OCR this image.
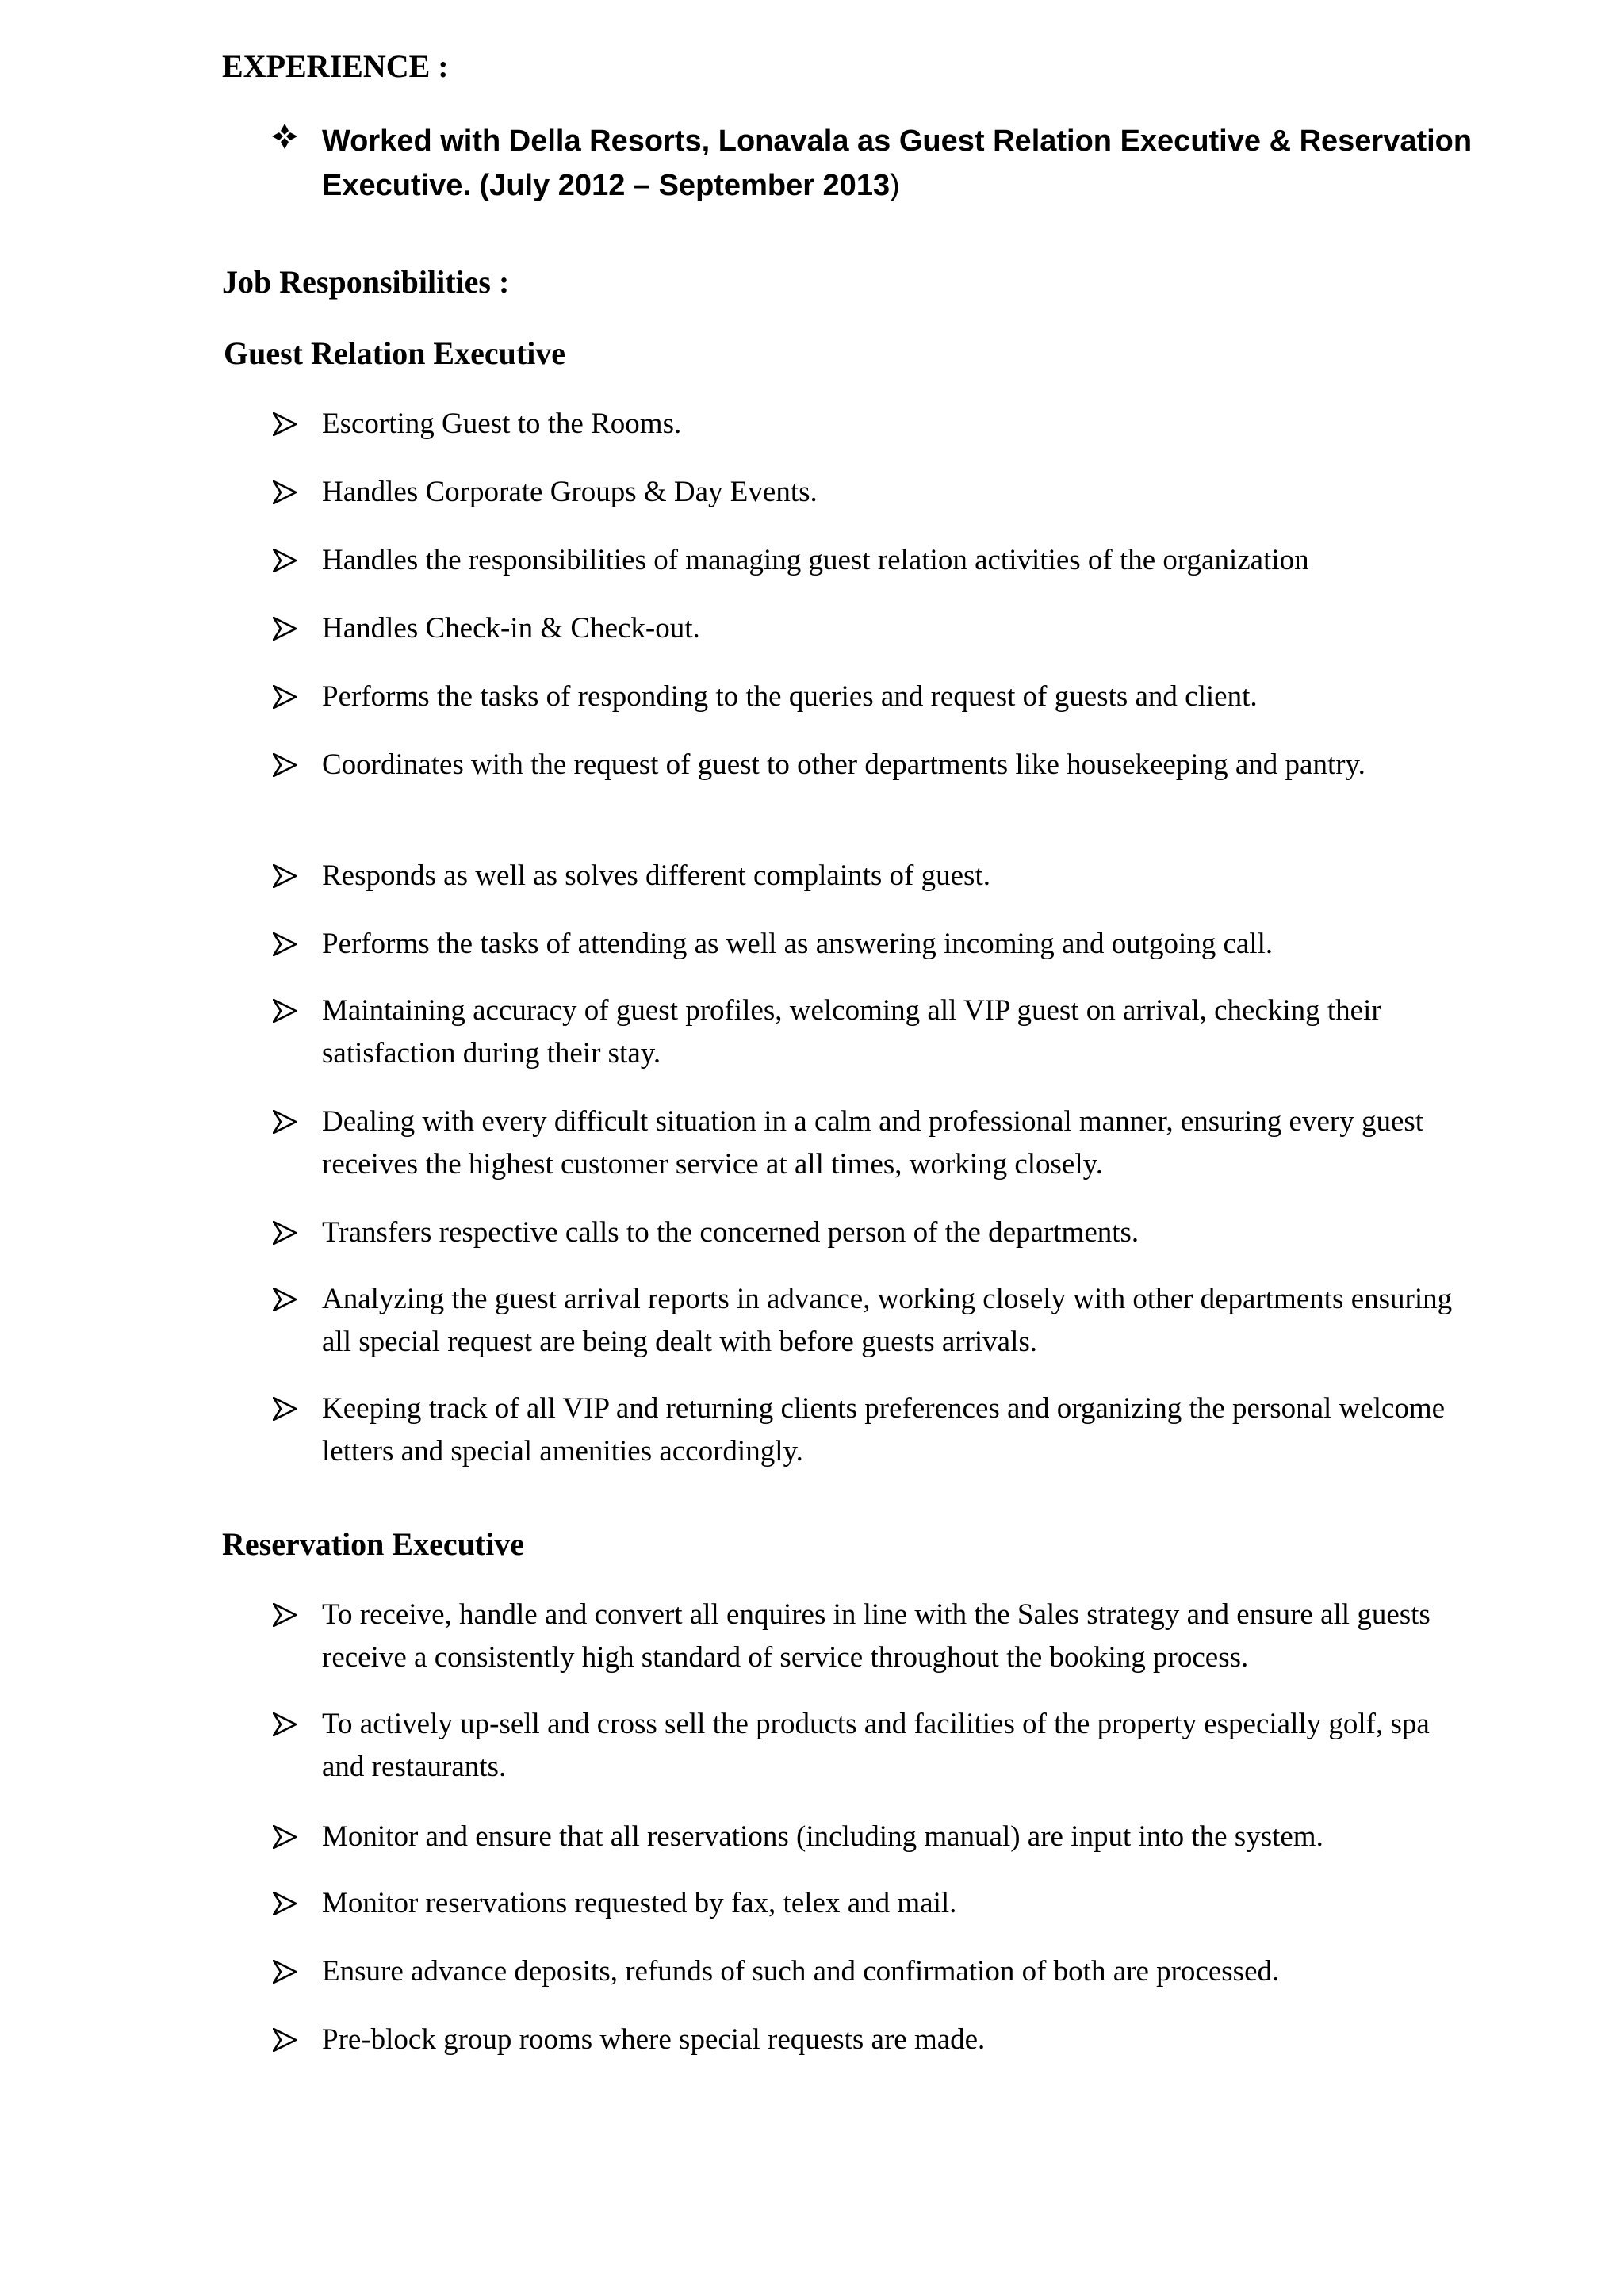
EXPERIENCE :
Worked with Della Resorts, Lonavala as Guest Relation Executive & Reservation Executive. (July 2012 – September 2013)
Job Responsibilities :
Guest Relation Executive
Escorting Guest to the Rooms.
Handles Corporate Groups & Day Events.
Handles the responsibilities of managing guest relation activities of the organization
Handles Check-in & Check-out.
Performs the tasks of responding to the queries and request of guests and client.
Coordinates with the request of guest to other departments like housekeeping and pantry.
Responds as well as solves different complaints of guest.
Performs the tasks of attending as well as answering incoming and outgoing call.
Maintaining accuracy of guest profiles, welcoming all VIP guest on arrival, checking their satisfaction during their stay.
Dealing with every difficult situation in a calm and professional manner, ensuring every guest receives the highest customer service at all times, working closely.
Transfers respective calls to the concerned person of the departments.
Analyzing the guest arrival reports in advance, working closely with other departments ensuring all special request are being dealt with before guests arrivals.
Keeping track of all VIP and returning clients preferences and organizing the personal welcome letters and special amenities accordingly.
Reservation Executive
To receive, handle and convert all enquires in line with the Sales strategy and ensure all guests receive a consistently high standard of service throughout the booking process.
To actively up-sell and cross sell the products and facilities of the property especially golf, spa and restaurants.
Monitor and ensure that all reservations (including manual) are input into the system.
Monitor reservations requested by fax, telex and mail.
Ensure advance deposits, refunds of such and confirmation of both are processed.
Pre-block group rooms where special requests are made.
